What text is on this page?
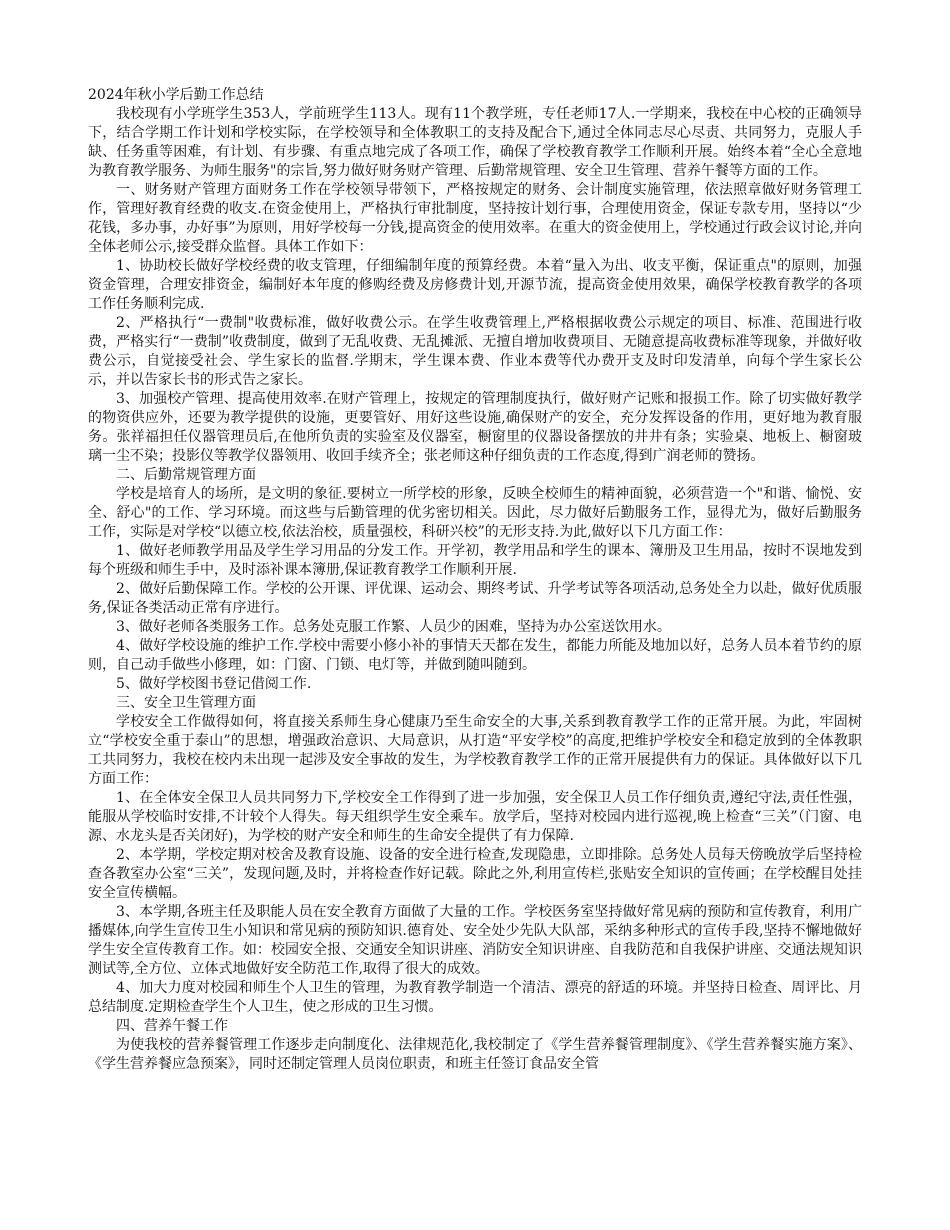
2024年秋小学后勤工作总结

我校现有小学班学生353人，学前班学生113人。现有11个教学班，专任老师17人.一学期来，我校在中心校的正确领导下，结合学期工作计划和学校实际，在学校领导和全体教职工的支持及配合下,通过全体同志尽心尽责、共同努力，克服人手缺、任务重等困难，有计划、有步骤、有重点地完成了各项工作，确保了学校教育教学工作顺利开展。始终本着“全心全意地为教育教学服务、为师生服务"的宗旨,努力做好财务财产管理、后勤常规管理、安全卫生管理、营养午餐等方面的工作。

一、财务财产管理方面财务工作在学校领导带领下，严格按规定的财务、会计制度实施管理，依法照章做好财务管理工作，管理好教育经费的收支.在资金使用上，严格执行审批制度，坚持按计划行事，合理使用资金，保证专款专用，坚持以“少花钱，多办事，办好事”为原则，用好学校每一分钱,提高资金的使用效率。在重大的资金使用上，学校通过行政会议讨论,并向全体老师公示,接受群众监督。具体工作如下：

1、协助校长做好学校经费的收支管理，仔细编制年度的预算经费。本着“量入为出、收支平衡，保证重点"的原则，加强资金管理，合理安排资金，编制好本年度的修购经费及房修费计划,开源节流，提高资金使用效果，确保学校教育教学的各项工作任务顺利完成.

2、严格执行“一费制"收费标准，做好收费公示。在学生收费管理上,严格根据收费公示规定的项目、标准、范围进行收费，严格实行“一费制”收费制度，做到了无乱收费、无乱摊派、无擅自增加收费项目、无随意提高收费标准等现象，并做好收费公示，自觉接受社会、学生家长的监督.学期末，学生课本费、作业本费等代办费开支及时印发清单，向每个学生家长公示，并以告家长书的形式告之家长。

3、加强校产管理、提高使用效率.在财产管理上，按规定的管理制度执行，做好财产记账和报损工作。除了切实做好教学的物资供应外，还要为教学提供的设施，更要管好、用好这些设施,确保财产的安全，充分发挥设备的作用，更好地为教育服务。张祥福担任仪器管理员后,在他所负责的实验室及仪器室，橱窗里的仪器设备摆放的井井有条；实验桌、地板上、橱窗玻璃一尘不染；投影仪等教学仪器领用、收回手续齐全；张老师这种仔细负责的工作态度,得到广润老师的赞扬。

二、后勤常规管理方面

学校是培育人的场所，是文明的象征.要树立一所学校的形象，反映全校师生的精神面貌，必须营造一个"和谐、愉悦、安全、舒心"的工作、学习环境。而这些与后勤管理的优劣密切相关。因此，尽力做好后勤服务工作，显得尤为，做好后勤服务工作，实际是对学校“以德立校,依法治校，质量强校，科研兴校”的无形支持.为此,做好以下几方面工作：

1、做好老师教学用品及学生学习用品的分发工作。开学初，教学用品和学生的课本、簿册及卫生用品，按时不误地发到每个班级和师生手中，及时添补课本簿册,保证教育教学工作顺利开展.

2、做好后勤保障工作。学校的公开课、评优课、运动会、期终考试、升学考试等各项活动,总务处全力以赴，做好优质服务,保证各类活动正常有序进行。

3、做好老师各类服务工作。总务处克服工作繁、人员少的困难，坚持为办公室送饮用水。

4、做好学校设施的维护工作.学校中需要小修小补的事情天天都在发生，都能力所能及地加以好，总务人员本着节约的原则，自己动手做些小修理，如：门窗、门锁、电灯等，并做到随叫随到。

5、做好学校图书登记借阅工作.

三、安全卫生管理方面

学校安全工作做得如何，将直接关系师生身心健康乃至生命安全的大事,关系到教育教学工作的正常开展。为此，牢固树立“学校安全重于泰山”的思想，增强政治意识、大局意识，从打造“平安学校”的高度,把维护学校安全和稳定放到的全体教职工共同努力，我校在校内未出现一起涉及安全事故的发生，为学校教育教学工作的正常开展提供有力的保证。具体做好以下几方面工作：

1、在全体安全保卫人员共同努力下,学校安全工作得到了进一步加强，安全保卫人员工作仔细负责,遵纪守法,责任性强，能服从学校临时安排,不计较个人得失。每天组织学生安全乘车。放学后，坚持对校园内进行巡视,晚上检查“三关”（门窗、电源、水龙头是否关闭好)，为学校的财产安全和师生的生命安全提供了有力保障.

2、本学期，学校定期对校舍及教育设施、设备的安全进行检查,发现隐患，立即排除。总务处人员每天傍晚放学后坚持检查各教室办公室“三关”，发现问题,及时，并将检查作好记载。除此之外,利用宣传栏,张贴安全知识的宣传画；在学校醒目处挂安全宣传横幅。

3、本学期,各班主任及职能人员在安全教育方面做了大量的工作。学校医务室坚持做好常见病的预防和宣传教育，利用广播媒体,向学生宣传卫生小知识和常见病的预防知识.德育处、安全处少先队大队部，采纳多种形式的宣传手段,坚持不懈地做好学生安全宣传教育工作。如：校园安全报、交通安全知识讲座、消防安全知识讲座、自我防范和自我保护讲座、交通法规知识测试等,全方位、立体式地做好安全防范工作,取得了很大的成效。

4、加大力度对校园和师生个人卫生的管理，为教育教学制造一个清洁、漂亮的舒适的环境。并坚持日检查、周评比、月总结制度.定期检查学生个人卫生，使之形成的卫生习惯。

四、营养午餐工作

为使我校的营养餐管理工作逐步走向制度化、法律规范化,我校制定了《学生营养餐管理制度》、《学生营养餐实施方案》、《学生营养餐应急预案》，同时还制定管理人员岗位职责，和班主任签订食品安全管
